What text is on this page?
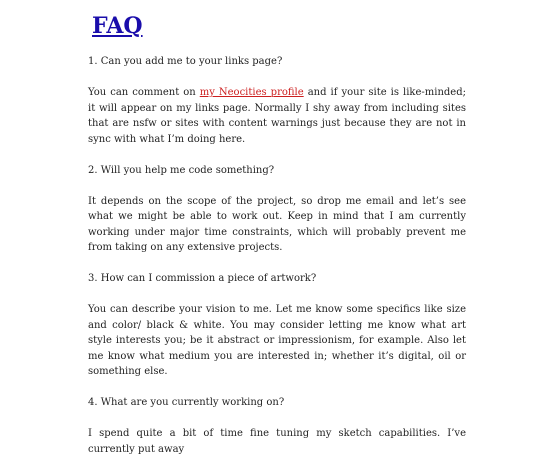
FAQ

1. Can you add me to your links page?

You can comment on my Neocities profile and if your site is like-minded; it will appear on my links page. Normally I shy away from including sites that are nsfw or sites with content warnings just because they are not in sync with what I’m doing here.

2. Will you help me code something?

It depends on the scope of the project, so drop me email and let’s see what we might be able to work out. Keep in mind that I am currently working under major time constraints, which will probably prevent me from taking on any extensive projects.

3. How can I commission a piece of artwork?

You can describe your vision to me. Let me know some specifics like size and color/ black & white. You may consider letting me know what art style interests you; be it abstract or impressionism, for example. Also let me know what medium you are interested in; whether it’s digital, oil or something else.

4. What are you currently working on?

I spend quite a bit of time fine tuning my sketch capabilities. I’ve currently put away
